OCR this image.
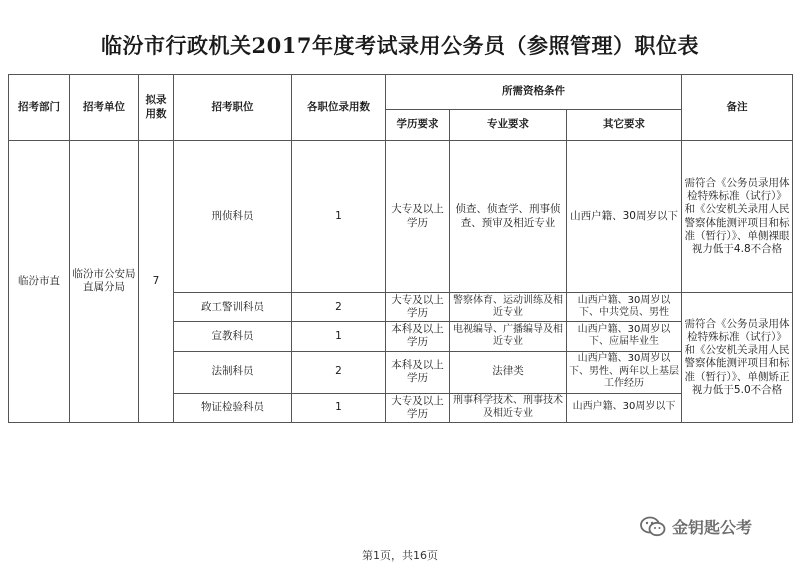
临汾市行政机关2017年度考试录用公务员（参照管理）职位表
招考部门	招考单位	拟录用数	招考职位	各职位录用数	所需资格条件			备注
					学历要求	专业要求	其它要求	
临汾市直	临汾市公安局直属分局	7	刑侦科员	1	大专及以上学历	侦查、侦查学、刑事侦查、预审及相近专业	山西户籍、30周岁以下	需符合《公务员录用体检特殊标准（试行）》和《公安机关录用人民警察体能测评项目和标准（暂行）》、单侧裸眼视力低于4.8不合格
			政工警训科员	2	大专及以上学历	警察体育、运动训练及相近专业	山西户籍、30周岁以下、中共党员、男性	需符合《公务员录用体检特殊标准（试行）》和《公安机关录用人民警察体能测评项目和标准（暂行）》、单侧矫正视力低于5.0不合格
			宣教科员	1	本科及以上学历	电视编导、广播编导及相近专业	山西户籍、30周岁以下、应届毕业生	
			法制科员	2	本科及以上学历	法律类	山西户籍、30周岁以下、男性、两年以上基层工作经历	
			物证检验科员	1	大专及以上学历	刑事科学技术、刑事技术及相近专业	山西户籍、30周岁以下	
金钥匙公考
第1页，共16页
